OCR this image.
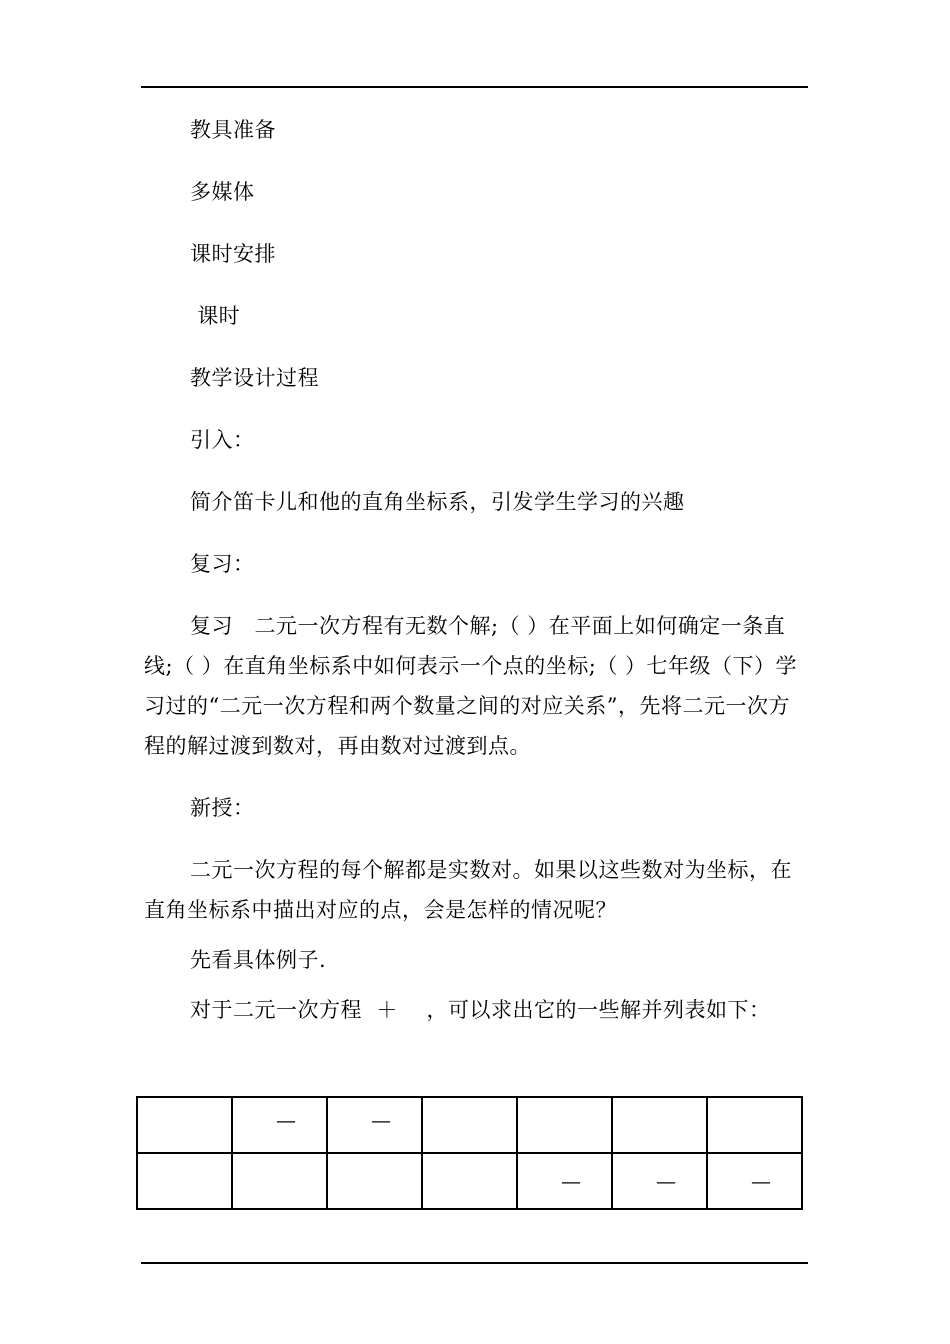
教具准备

多媒体

课时安排

课时

教学设计过程

引入：

简介笛卡儿和他的直角坐标系，引发学生学习的兴趣

复习：

复习   二元一次方程有无数个解;（ ）在平面上如何确定一条直线;（ ）在直角坐标系中如何表示一个点的坐标;（ ）七年级（下）学习过的“二元一次方程和两个数量之间的对应关系”，先将二元一次方程的解过渡到数对，再由数对过渡到点。

新授：

二元一次方程的每个解都是实数对。如果以这些数对为坐标，在直角坐标系中描出对应的点，会是怎样的情况呢？

先看具体例子.

对于二元一次方程  ＋    ，可以求出它的一些解并列表如下：

	—	—				
				—	—	—
